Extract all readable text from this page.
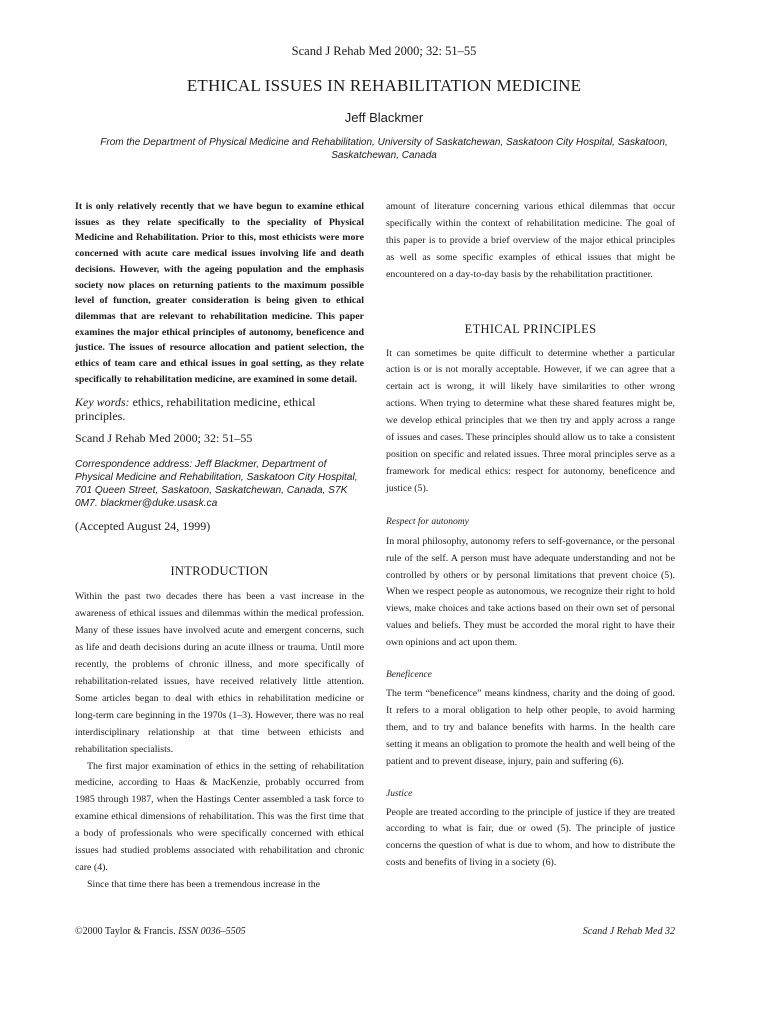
Scand J Rehab Med 2000; 32: 51–55
ETHICAL ISSUES IN REHABILITATION MEDICINE
Jeff Blackmer
From the Department of Physical Medicine and Rehabilitation, University of Saskatchewan, Saskatoon City Hospital, Saskatoon, Saskatchewan, Canada

It is only relatively recently that we have begun to examine ethical issues as they relate specifically to the speciality of Physical Medicine and Rehabilitation. Prior to this, most ethicists were more concerned with acute care medical issues involving life and death decisions. However, with the ageing population and the emphasis society now places on returning patients to the maximum possible level of function, greater consideration is being given to ethical dilemmas that are relevant to rehabilitation medicine. This paper examines the major ethical principles of autonomy, beneficence and justice. The issues of resource allocation and patient selection, the ethics of team care and ethical issues in goal setting, as they relate specifically to rehabilitation medicine, are examined in some detail.

Key words: ethics, rehabilitation medicine, ethical principles.
Scand J Rehab Med 2000; 32: 51–55
Correspondence address: Jeff Blackmer, Department of Physical Medicine and Rehabilitation, Saskatoon City Hospital, 701 Queen Street, Saskatoon, Saskatchewan, Canada, S7K 0M7. blackmer@duke.usask.ca
(Accepted August 24, 1999)
INTRODUCTION

Within the past two decades there has been a vast increase in the awareness of ethical issues and dilemmas within the medical profession. Many of these issues have involved acute and emergent concerns, such as life and death decisions during an acute illness or trauma. Until more recently, the problems of chronic illness, and more specifically of rehabilitation-related issues, have received relatively little attention. Some articles began to deal with ethics in rehabilitation medicine or long-term care beginning in the 1970s (1–3). However, there was no real interdisciplinary relationship at that time between ethicists and rehabilitation specialists.

The first major examination of ethics in the setting of rehabilitation medicine, according to Haas & MacKenzie, probably occurred from 1985 through 1987, when the Hastings Center assembled a task force to examine ethical dimensions of rehabilitation. This was the first time that a body of professionals who were specifically concerned with ethical issues had studied problems associated with rehabilitation and chronic care (4).

Since that time there has been a tremendous increase in the

amount of literature concerning various ethical dilemmas that occur specifically within the context of rehabilitation medicine. The goal of this paper is to provide a brief overview of the major ethical principles as well as some specific examples of ethical issues that might be encountered on a day-to-day basis by the rehabilitation practitioner.

ETHICAL PRINCIPLES

It can sometimes be quite difficult to determine whether a particular action is or is not morally acceptable. However, if we can agree that a certain act is wrong, it will likely have similarities to other wrong actions. When trying to determine what these shared features might be, we develop ethical principles that we then try and apply across a range of issues and cases. These principles should allow us to take a consistent position on specific and related issues. Three moral principles serve as a framework for medical ethics: respect for autonomy, beneficence and justice (5).

Respect for autonomy

In moral philosophy, autonomy refers to self-governance, or the personal rule of the self. A person must have adequate understanding and not be controlled by others or by personal limitations that prevent choice (5). When we respect people as autonomous, we recognize their right to hold views, make choices and take actions based on their own set of personal values and beliefs. They must be accorded the moral right to have their own opinions and act upon them.

Beneficence

The term “beneficence” means kindness, charity and the doing of good. It refers to a moral obligation to help other people, to avoid harming them, and to try and balance benefits with harms. In the health care setting it means an obligation to promote the health and well being of the patient and to prevent disease, injury, pain and suffering (6).

Justice

People are treated according to the principle of justice if they are treated according to what is fair, due or owed (5). The principle of justice concerns the question of what is due to whom, and how to distribute the costs and benefits of living in a society (6).

©2000 Taylor & Francis. ISSN 0036–5505	Scand J Rehab Med 32
